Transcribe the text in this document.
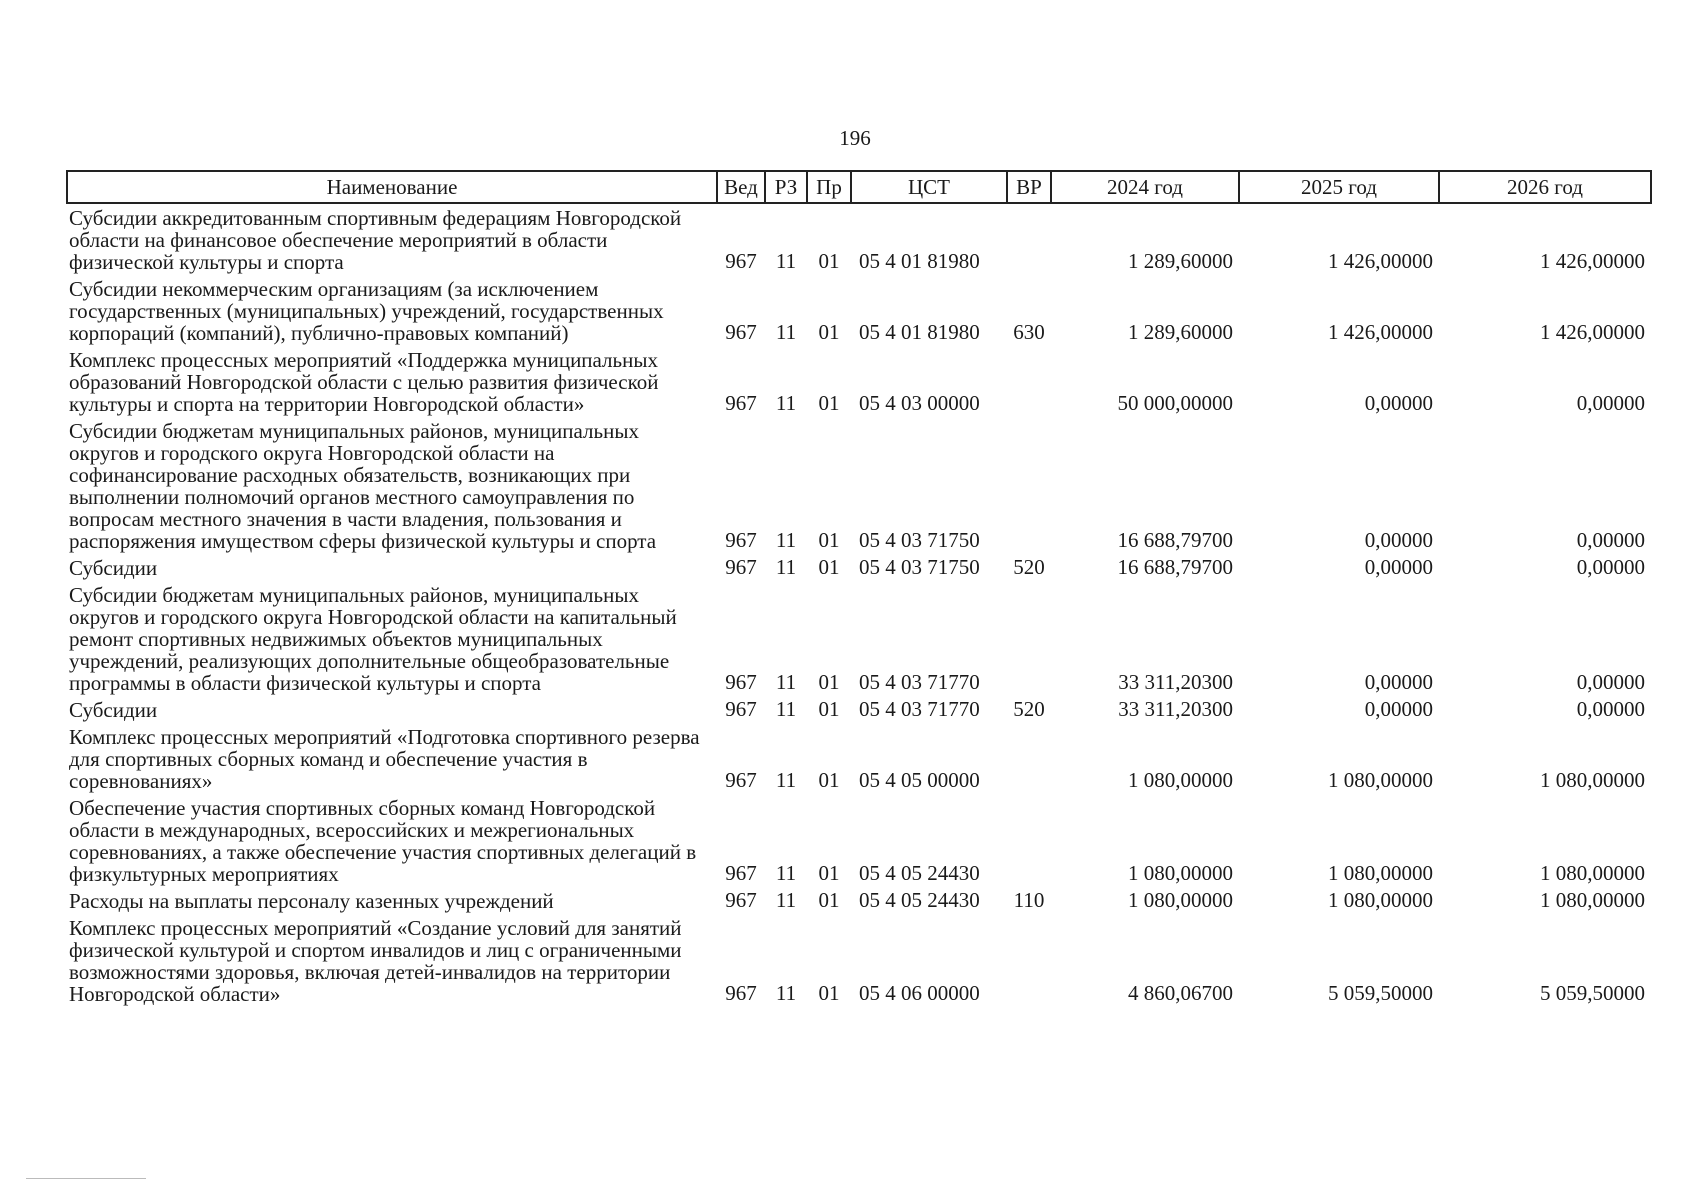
196
Наименование	Вед	РЗ	Пр	ЦСТ	ВР	2024 год	2025 год	2026 год
Субсидии аккредитованным спортивным федерациям Новгородской области на финансовое обеспечение мероприятий в области физической культуры и спорта	967	11	01	05 4 01 81980		1 289,60000	1 426,00000	1 426,00000
Субсидии некоммерческим организациям (за исключением государственных (муниципальных) учреждений, государственных корпораций (компаний), публично-правовых компаний)	967	11	01	05 4 01 81980	630	1 289,60000	1 426,00000	1 426,00000
Комплекс процессных мероприятий «Поддержка муниципальных образований Новгородской области с целью развития физической культуры и спорта на территории Новгородской области»	967	11	01	05 4 03 00000		50 000,00000	0,00000	0,00000
Субсидии бюджетам муниципальных районов, муниципальных округов и городского округа Новгородской области на софинансирование расходных обязательств, возникающих при выполнении полномочий органов местного самоуправления по вопросам местного значения в части владения, пользования и распоряжения имуществом сферы физической культуры и спорта	967	11	01	05 4 03 71750		16 688,79700	0,00000	0,00000
Субсидии	967	11	01	05 4 03 71750	520	16 688,79700	0,00000	0,00000
Субсидии бюджетам муниципальных районов, муниципальных округов и городского округа Новгородской области на капитальный ремонт спортивных недвижимых объектов муниципальных учреждений, реализующих дополнительные общеобразовательные программы в области физической культуры и спорта	967	11	01	05 4 03 71770		33 311,20300	0,00000	0,00000
Субсидии	967	11	01	05 4 03 71770	520	33 311,20300	0,00000	0,00000
Комплекс процессных мероприятий «Подготовка спортивного резерва для спортивных сборных команд и обеспечение участия в соревнованиях»	967	11	01	05 4 05 00000		1 080,00000	1 080,00000	1 080,00000
Обеспечение участия спортивных сборных команд Новгородской области в международных, всероссийских и межрегиональных соревнованиях, а также обеспечение участия спортивных делегаций в физкультурных мероприятиях	967	11	01	05 4 05 24430		1 080,00000	1 080,00000	1 080,00000
Расходы на выплаты персоналу казенных учреждений	967	11	01	05 4 05 24430	110	1 080,00000	1 080,00000	1 080,00000
Комплекс процессных мероприятий «Создание условий для занятий физической культурой и спортом инвалидов и лиц с ограниченными возможностями здоровья, включая детей-инвалидов на территории Новгородской области»	967	11	01	05 4 06 00000		4 860,06700	5 059,50000	5 059,50000
